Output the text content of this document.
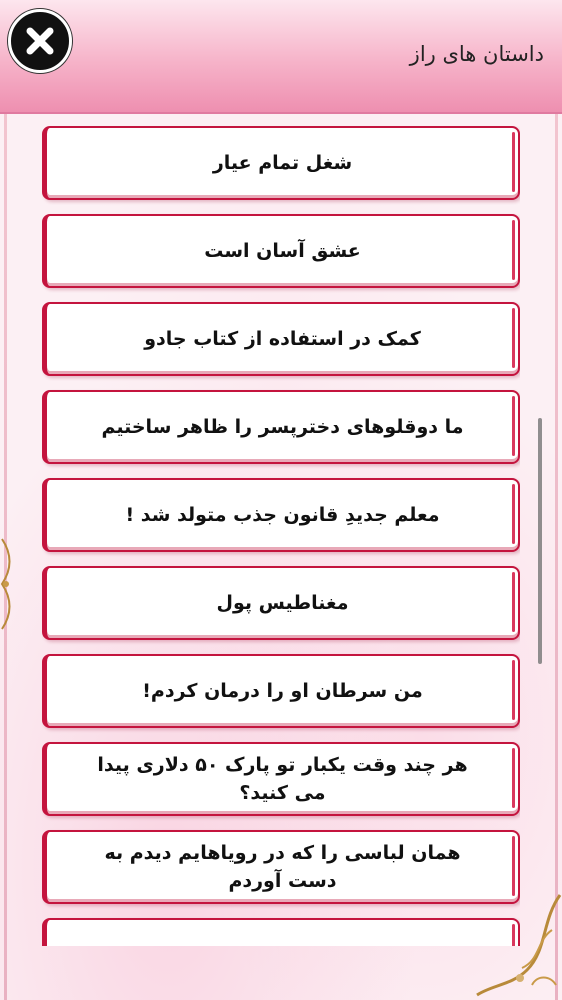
داستان های راز
شغل تمام عیار
عشق آسان است
کمک در استفاده از کتاب جادو
ما دوقلوهای دخترپسر را ظاهر ساختیم
معلم جدیدِ قانون جذب متولد شد !
مغناطیس پول
من سرطان او را درمان کردم!
هر چند وقت یکبار تو پارک ۵۰ دلاری پیدا می کنید؟
همان لباسی را که در رویاهایم دیدم به دست آوردم
